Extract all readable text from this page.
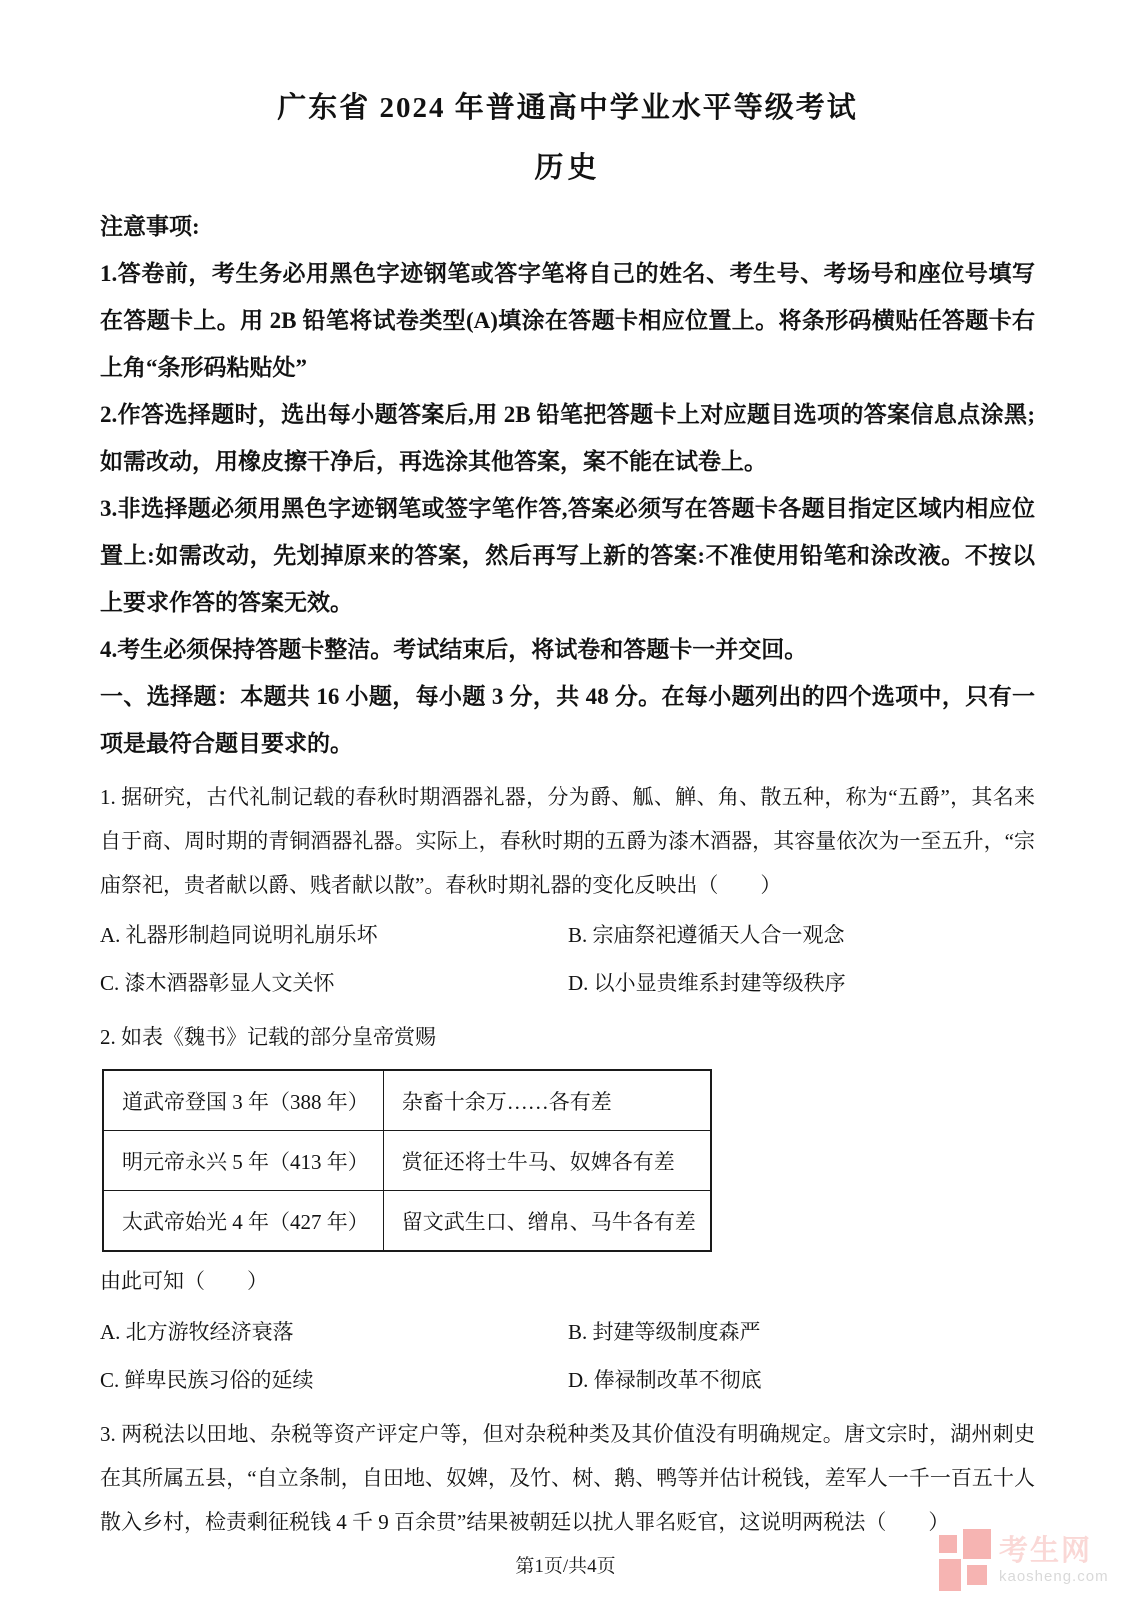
广东省 2024 年普通高中学业水平等级考试
历史
注意事项:
1.答卷前，考生务必用黑色字迹钢笔或答字笔将自己的姓名、考生号、考场号和座位号填写在答题卡上。用 2B 铅笔将试卷类型(A)填涂在答题卡相应位置上。将条形码横贴任答题卡右上角“条形码粘贴处”
2.作答选择题时，选出每小题答案后,用 2B 铅笔把答题卡上对应题目选项的答案信息点涂黑;如需改动，用橡皮擦干净后，再选涂其他答案，案不能在试卷上。
3.非选择题必须用黑色字迹钢笔或签字笔作答,答案必须写在答题卡各题目指定区域内相应位置上:如需改动，先划掉原来的答案，然后再写上新的答案:不准使用铅笔和涂改液。不按以上要求作答的答案无效。
4.考生必须保持答题卡整洁。考试结束后，将试卷和答题卡一并交回。
一、选择题：本题共 16 小题，每小题 3 分，共 48 分。在每小题列出的四个选项中，只有一项是最符合题目要求的。
1. 据研究，古代礼制记载的春秋时期酒器礼器，分为爵、觚、觯、角、散五种，称为“五爵”，其名来自于商、周时期的青铜酒器礼器。实际上，春秋时期的五爵为漆木酒器，其容量依次为一至五升，“宗庙祭祀，贵者献以爵、贱者献以散”。春秋时期礼器的变化反映出（　　）
A. 礼器形制趋同说明礼崩乐坏	B. 宗庙祭祀遵循天人合一观念
C. 漆木酒器彰显人文关怀	D. 以小显贵维系封建等级秩序
2. 如表《魏书》记载的部分皇帝赏赐
道武帝登国 3 年（388 年）	杂畜十余万……各有差
明元帝永兴 5 年（413 年）	赏征还将士牛马、奴婢各有差
太武帝始光 4 年（427 年）	留文武生口、缯帛、马牛各有差
由此可知（　　）
A. 北方游牧经济衰落	B. 封建等级制度森严
C. 鲜卑民族习俗的延续	D. 俸禄制改革不彻底
3. 两税法以田地、杂税等资产评定户等，但对杂税种类及其价值没有明确规定。唐文宗时，湖州刺史在其所属五县，“自立条制，自田地、奴婢，及竹、树、鹅、鸭等并估计税钱，差军人一千一百五十人散入乡村，检责剩征税钱 4 千 9 百余贯”结果被朝廷以扰人罪名贬官，这说明两税法（　　）
第1页/共4页	考生网
kaosheng.com
